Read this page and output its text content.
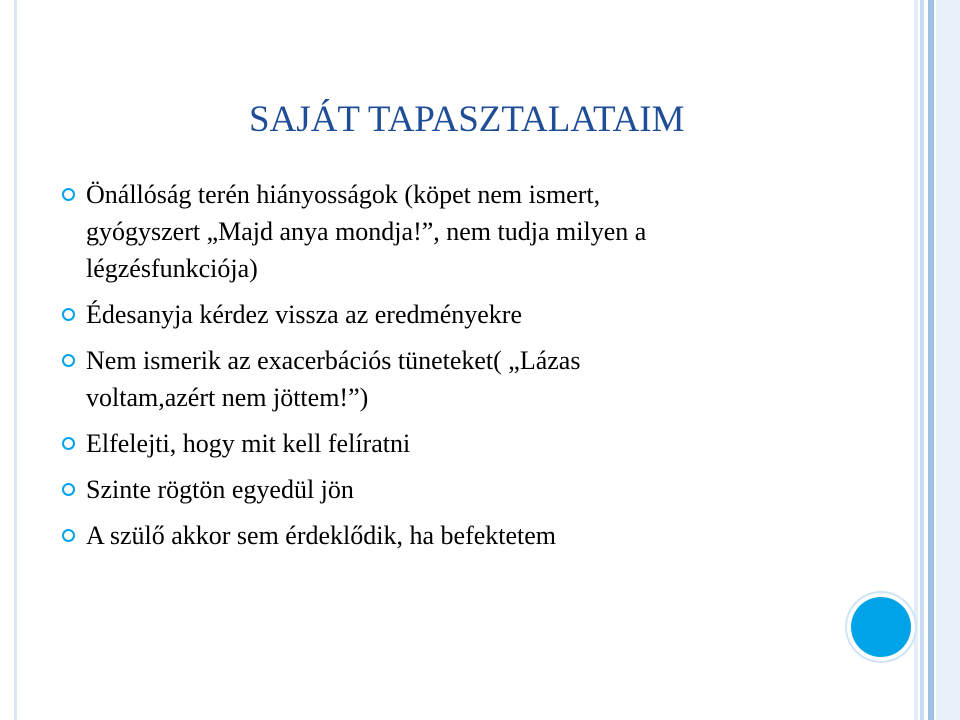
SAJÁT TAPASZTALATAIM
Önállóság terén hiányosságok (köpet nem ismert,
gyógyszert „Majd anya mondja!”, nem tudja milyen a
légzésfunkciója)
Édesanyja kérdez vissza az eredményekre
Nem ismerik az exacerbációs tüneteket( „Lázas
voltam,azért nem jöttem!”)
Elfelejti, hogy mit kell felíratni
Szinte rögtön egyedül jön
A szülő akkor sem érdeklődik, ha befektetem
